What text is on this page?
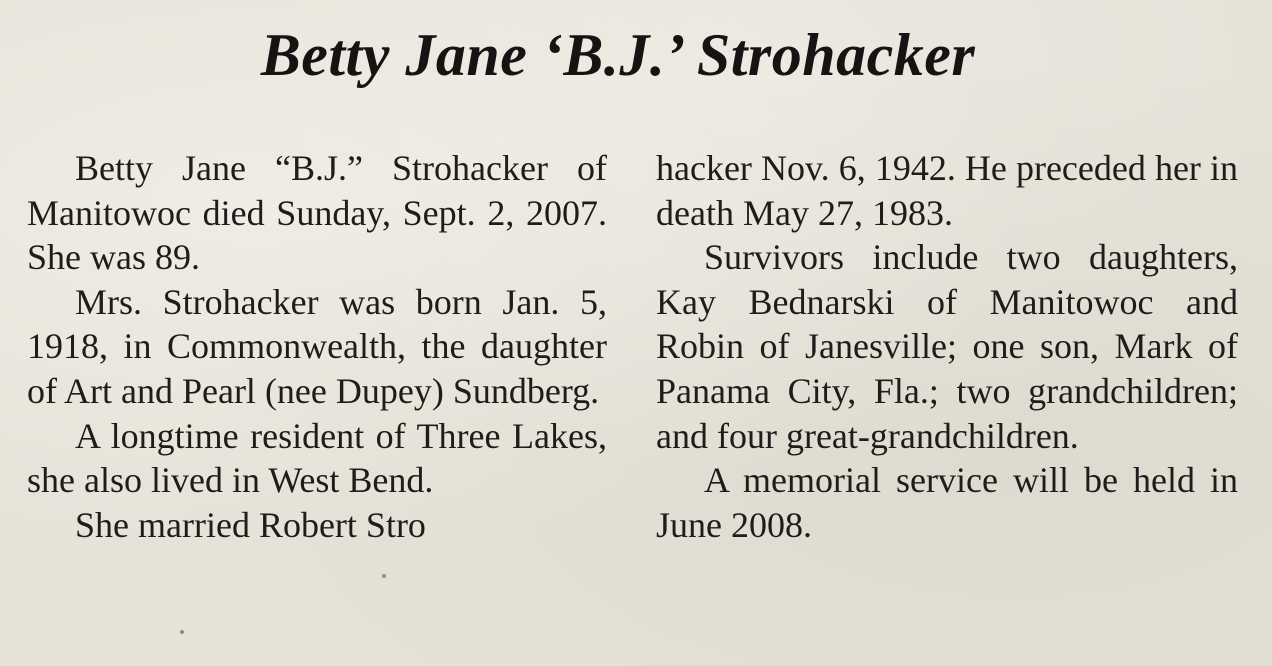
Betty Jane ‘B.J.’ Strohacker

Betty Jane “B.J.” Strohacker of Manitowoc died Sunday, Sept. 2, 2007. She was 89.

Mrs. Strohacker was born Jan. 5, 1918, in Commonwealth, the daughter of Art and Pearl (nee Dupey) Sundberg.

A longtime resident of Three Lakes, she also lived in West Bend.

She married Robert Stro

hacker Nov. 6, 1942. He preceded her in death May 27, 1983.

Survivors include two daughters, Kay Bednarski of Manitowoc and Robin of Janesville; one son, Mark of Panama City, Fla.; two grandchildren; and four great-grandchildren.

A memorial service will be held in June 2008.
